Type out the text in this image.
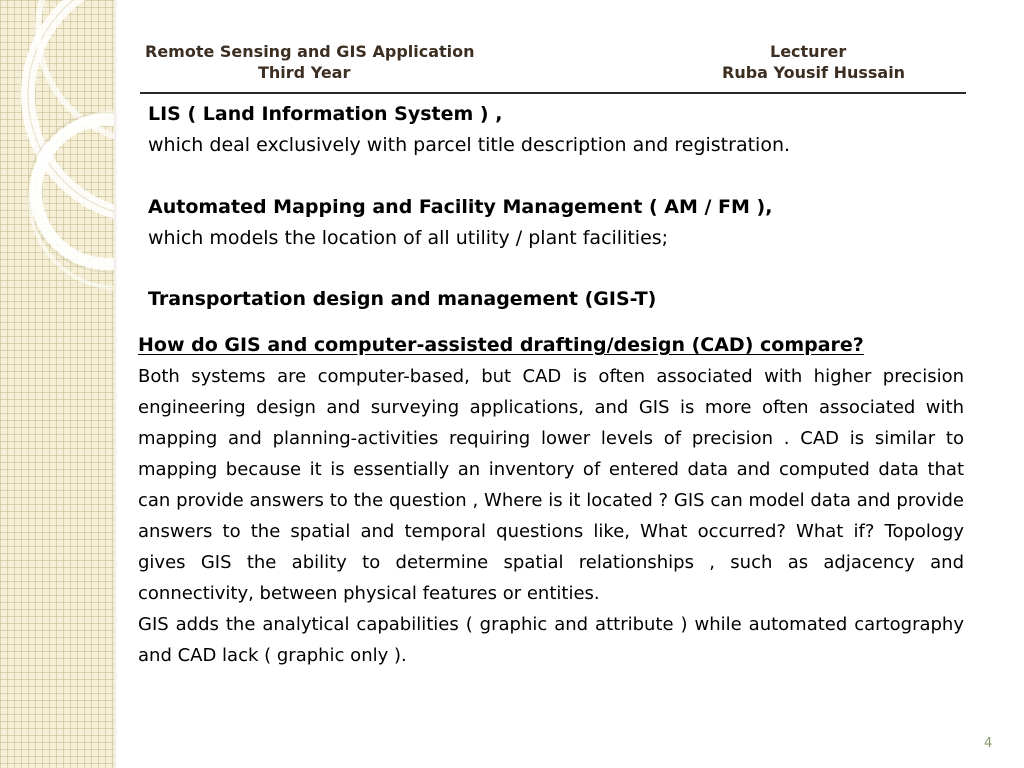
Remote Sensing and GIS Application
Third Year
Lecturer
Ruba Yousif Hussain
LIS ( Land Information System ) ,
which deal exclusively with parcel title description and registration.
Automated Mapping and Facility Management ( AM / FM ),
which models the location of all utility / plant facilities;
Transportation design and management (GIS-T)
How do GIS and computer-assisted drafting/design (CAD) compare?

Both systems are computer-based, but CAD is often associated with higher precision engineering design and surveying applications, and GIS is more often associated with mapping and planning-activities requiring lower levels of precision . CAD is similar to mapping because it is essentially an inventory of entered data and computed data that can provide answers to the question , Where is it located ? GIS can model data and provide answers to the spatial and temporal questions like, What occurred? What if? Topology gives GIS the ability to determine spatial relationships , such as adjacency and connectivity, between physical features or entities.

GIS adds the analytical capabilities ( graphic and attribute ) while automated cartography and CAD lack ( graphic only ).

4
